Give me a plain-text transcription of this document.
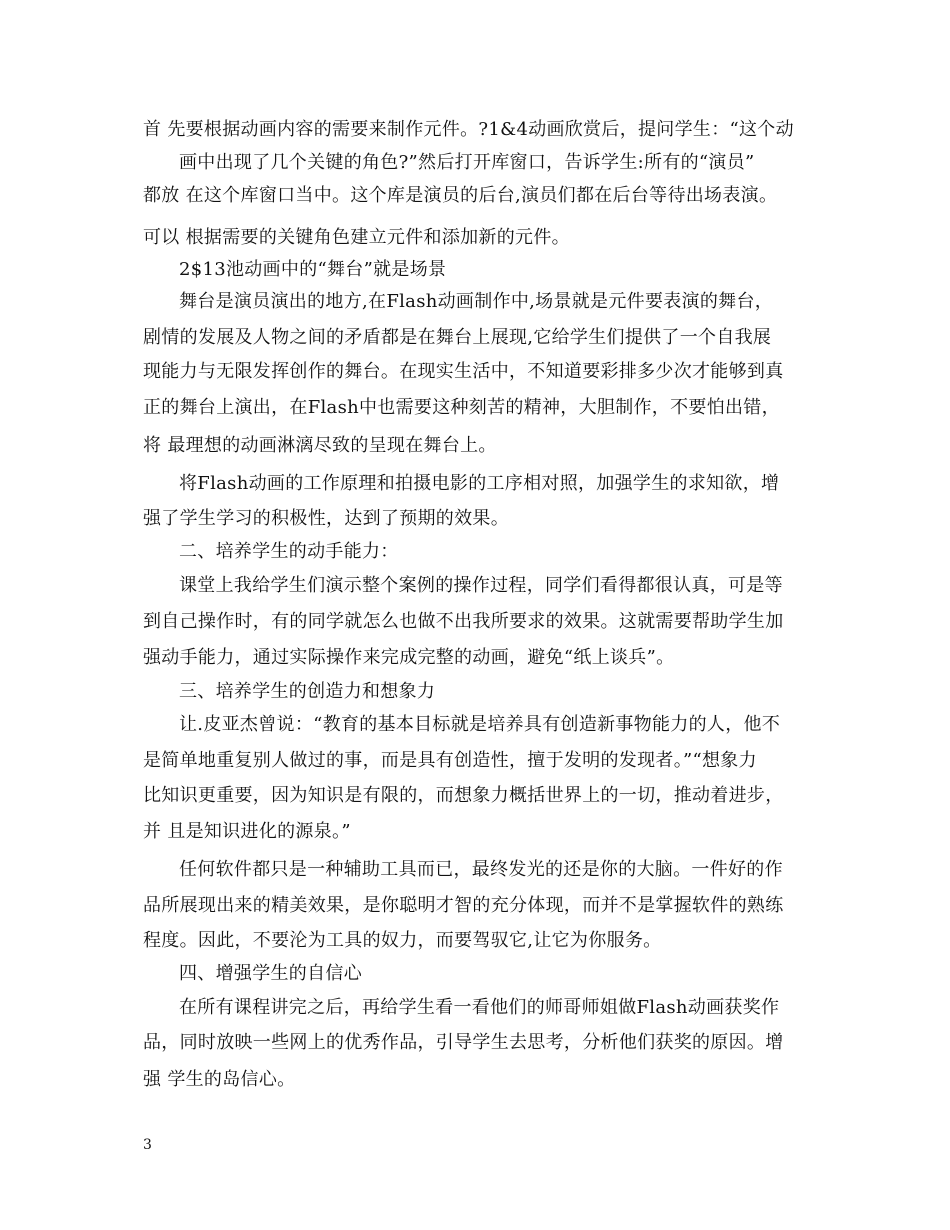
首 先要根据动画内容的需要来制作元件。?1&4动画欣赏后，提问学生：“这个动
画中出现了几个关键的角色?”然后打开库窗口，告诉学生:所有的“演员”
都放 在这个库窗口当中。这个库是演员的后台,演员们都在后台等待出场表演。
可以 根据需要的关键角色建立元件和添加新的元件。
2$13池动画中的“舞台”就是场景
舞台是演员演出的地方,在Flash动画制作中,场景就是元件要表演的舞台，
剧情的发展及人物之间的矛盾都是在舞台上展现,它给学生们提供了一个自我展
现能力与无限发挥创作的舞台。在现实生活中，不知道要彩排多少次才能够到真
正的舞台上演出，在Flash中也需要这种刻苦的精神，大胆制作，不要怕出错，
将 最理想的动画淋漓尽致的呈现在舞台上。
将Flash动画的工作原理和拍摄电影的工序相对照，加强学生的求知欲，增
强了学生学习的积极性，达到了预期的效果。
二、培养学生的动手能力：
课堂上我给学生们演示整个案例的操作过程，同学们看得都很认真，可是等
到自己操作时，有的同学就怎么也做不出我所要求的效果。这就需要帮助学生加
强动手能力，通过实际操作来完成完整的动画，避免“纸上谈兵”。
三、培养学生的创造力和想象力
让.皮亚杰曾说：“教育的基本目标就是培养具有创造新事物能力的人，他不
是简单地重复别人做过的事，而是具有创造性，擅于发明的发现者。”“想象力
比知识更重要，因为知识是有限的，而想象力概括世界上的一切，推动着进步，
并 且是知识进化的源泉。”
任何软件都只是一种辅助工具而已，最终发光的还是你的大脑。一件好的作
品所展现出来的精美效果，是你聪明才智的充分体现，而并不是掌握软件的熟练
程度。因此，不要沦为工具的奴力，而要驾驭它,让它为你服务。
四、增强学生的自信心
在所有课程讲完之后，再给学生看一看他们的师哥师姐做Flash动画获奖作
品，同时放映一些网上的优秀作品，引导学生去思考，分析他们获奖的原因。增
强 学生的岛信心。
3
